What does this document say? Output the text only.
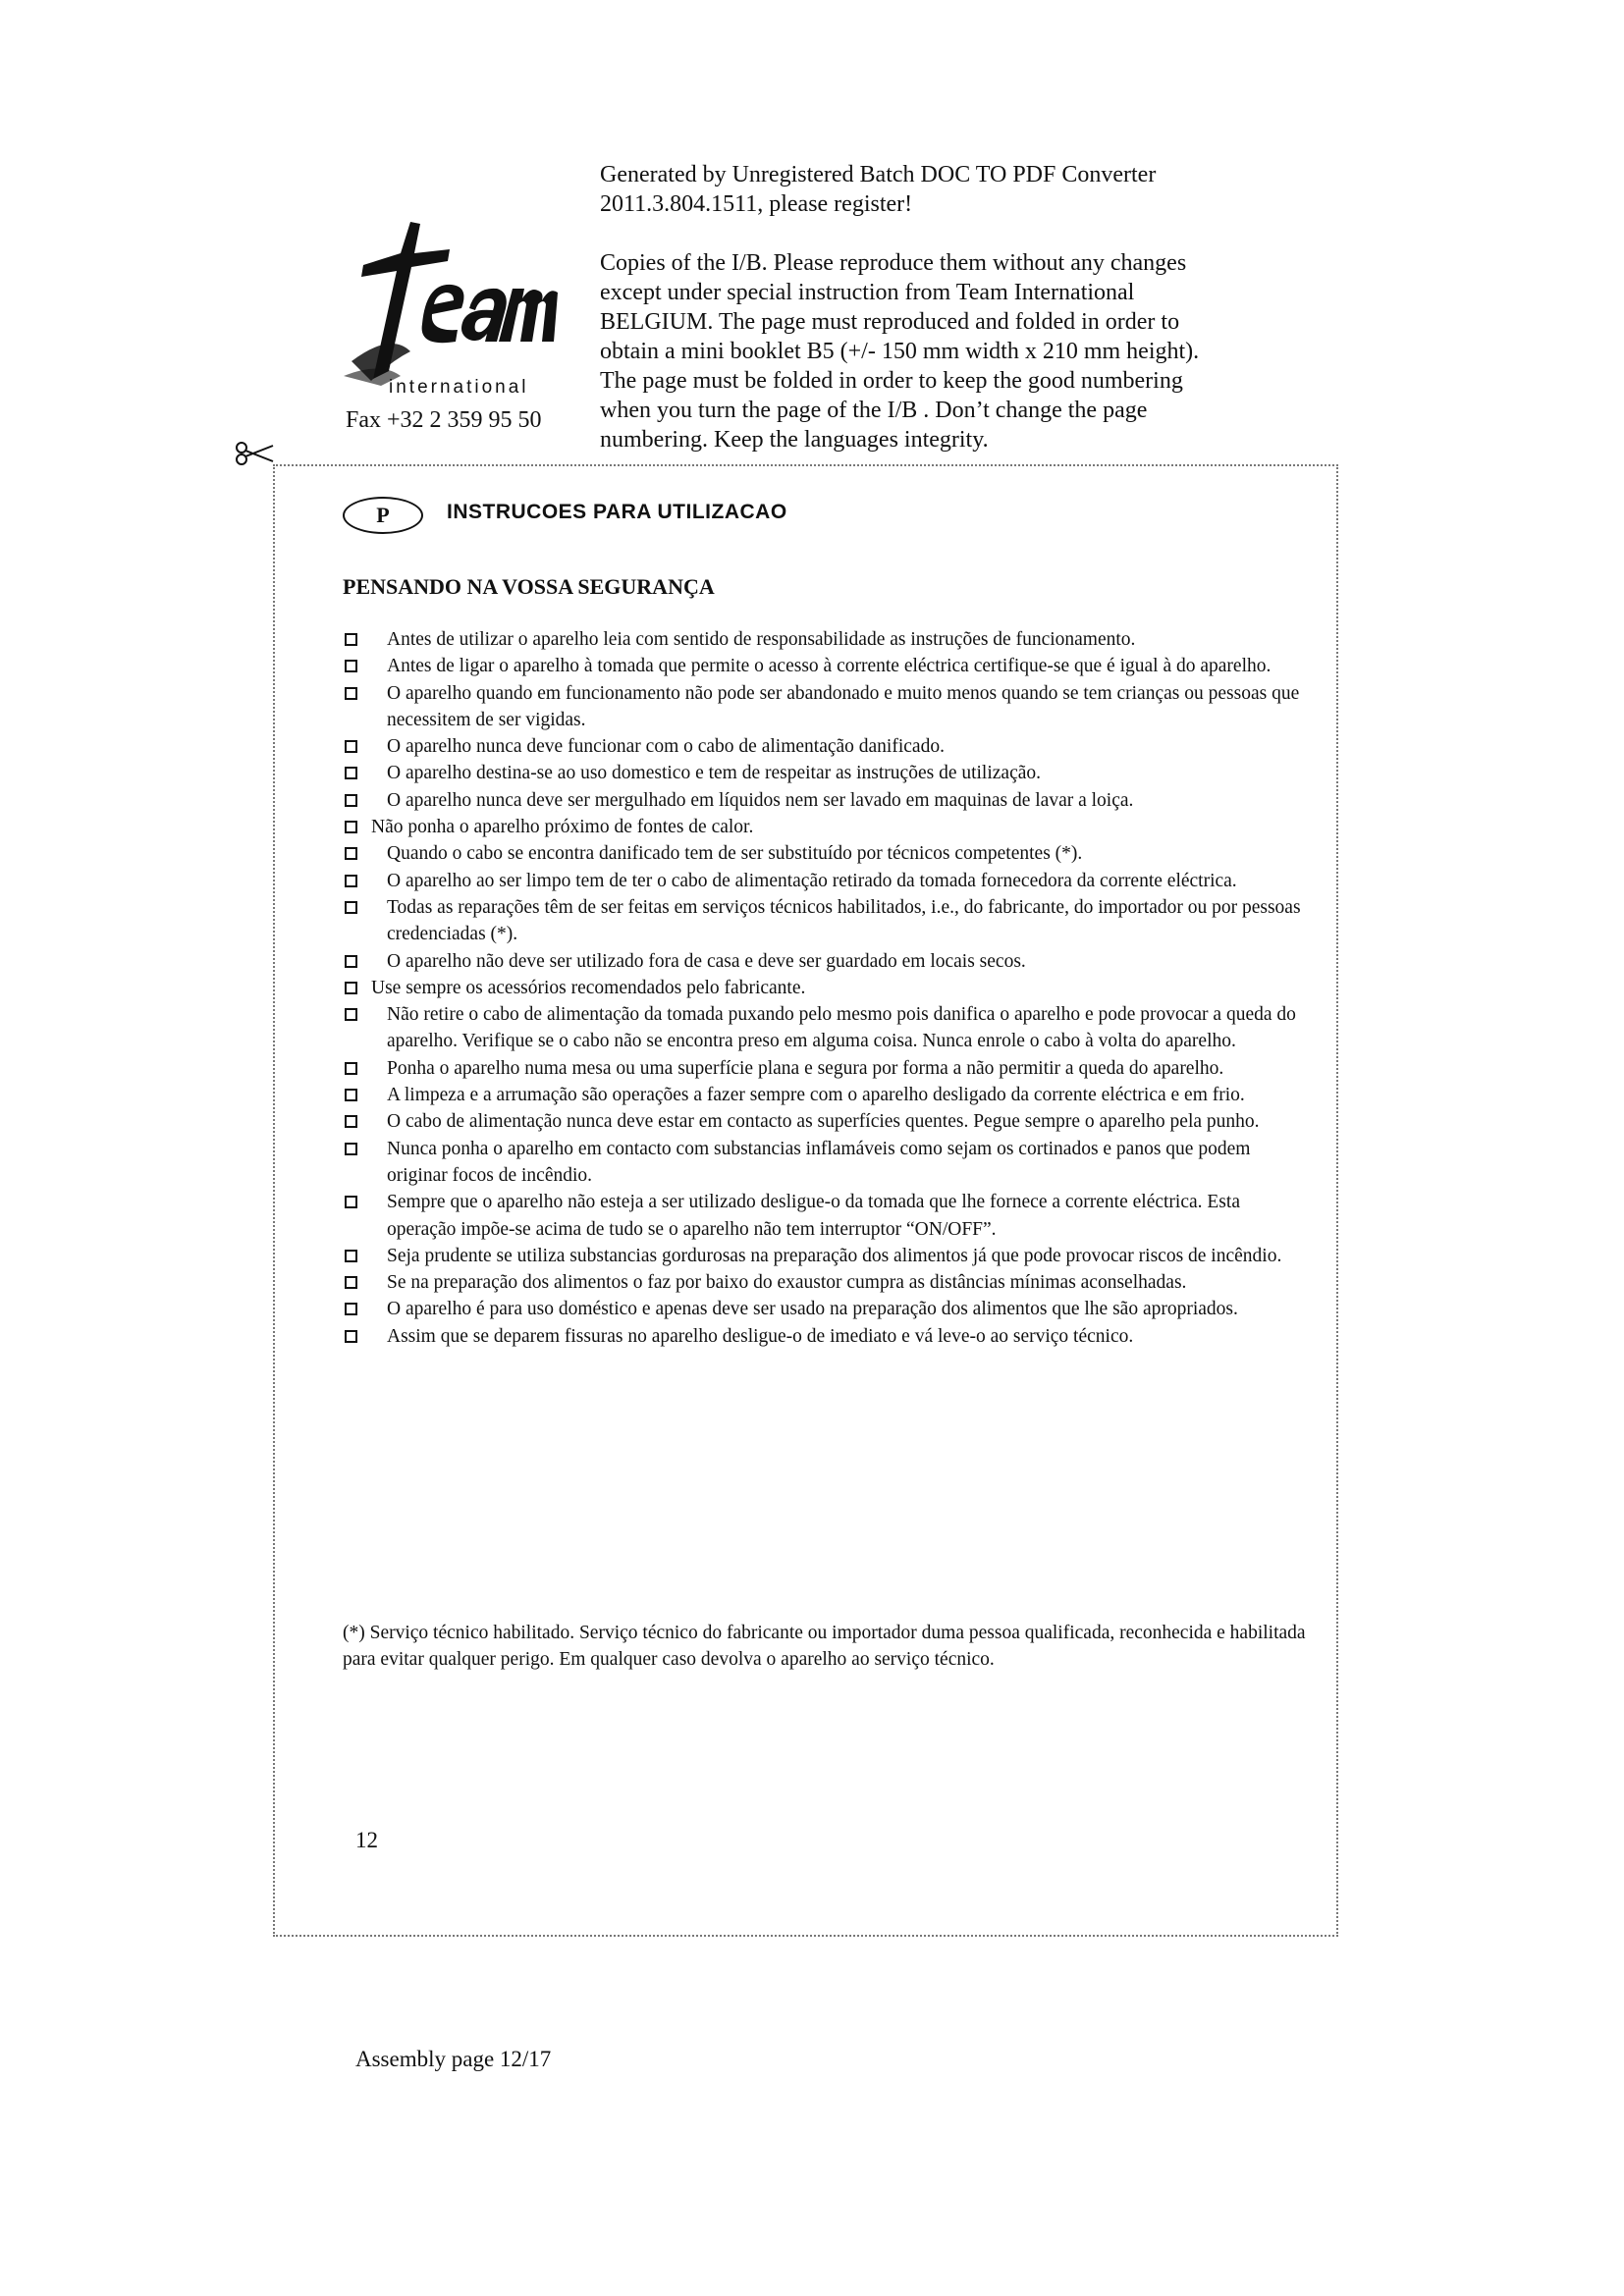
international
Fax +32 2 359 95 50

Generated by Unregistered Batch DOC TO PDF Converter

2011.3.804.1511, please register!

Copies of the I/B. Please reproduce them without any changes

except under special instruction from Team International

BELGIUM. The page must reproduced and folded in order to

obtain a mini booklet B5 (+/- 150 mm width x 210 mm height).

The page must be folded in order to keep the good numbering

when you turn the page of the I/B . Don’t change the page

numbering. Keep the languages integrity.

P	INSTRUCOES PARA UTILIZACAO
PENSANDO NA VOSSA SEGURANÇA
Antes de utilizar o aparelho leia com sentido de responsabilidade as instruções de funcionamento.
Antes de ligar o aparelho à tomada que permite o acesso à corrente eléctrica certifique-se que é igual à do aparelho.
O aparelho quando em funcionamento não pode ser abandonado e muito menos quando se tem crianças ou pessoas que necessitem de ser vigidas.
O aparelho nunca deve funcionar com o cabo de alimentação danificado.
O aparelho destina-se ao uso domestico e tem de respeitar as instruções de utilização.
O aparelho nunca deve ser mergulhado em líquidos nem ser lavado em maquinas de lavar a loiça.
Não ponha o aparelho próximo de fontes de calor.
Quando o cabo se encontra danificado tem de ser substituído por técnicos competentes (*).
O aparelho ao ser limpo tem de ter o cabo de alimentação retirado da tomada fornecedora da corrente eléctrica.
Todas as reparações têm de ser feitas em serviços técnicos habilitados, i.e., do fabricante, do importador ou por pessoas credenciadas (*).
O aparelho não deve ser utilizado fora de casa e deve ser guardado em locais secos.
Use sempre os acessórios recomendados pelo fabricante.
Não retire o cabo de alimentação da tomada puxando pelo mesmo pois danifica o aparelho e pode provocar a queda do aparelho. Verifique se o cabo não se encontra preso em alguma coisa. Nunca enrole o cabo à volta do aparelho.
Ponha o aparelho numa mesa ou uma superfície plana e segura por forma a não permitir a queda do aparelho.
A limpeza e a arrumação são operações a fazer sempre com o aparelho desligado da corrente eléctrica e em frio.
O cabo de alimentação nunca deve estar em contacto as superfícies quentes. Pegue sempre o aparelho pela punho.
Nunca ponha o aparelho em contacto com substancias inflamáveis como sejam os cortinados e panos que podem originar focos de incêndio.
Sempre que o aparelho não esteja a ser utilizado desligue-o da tomada que lhe fornece a corrente eléctrica. Esta operação impõe-se acima de tudo se o aparelho não tem interruptor “ON/OFF”.
Seja prudente se utiliza substancias gordurosas na preparação dos alimentos já que pode provocar riscos de incêndio.
Se na preparação dos alimentos o faz por baixo do exaustor cumpra as distâncias mínimas aconselhadas.
O aparelho é para uso doméstico e apenas deve ser usado na preparação dos alimentos que lhe são apropriados.
Assim que se deparem fissuras no aparelho desligue-o de imediato e vá leve-o ao serviço técnico.
(*) Serviço técnico habilitado. Serviço técnico do fabricante ou importador duma pessoa qualificada, reconhecida e habilitada para evitar qualquer perigo. Em qualquer caso devolva o aparelho ao serviço técnico.
12
Assembly page 12/17
